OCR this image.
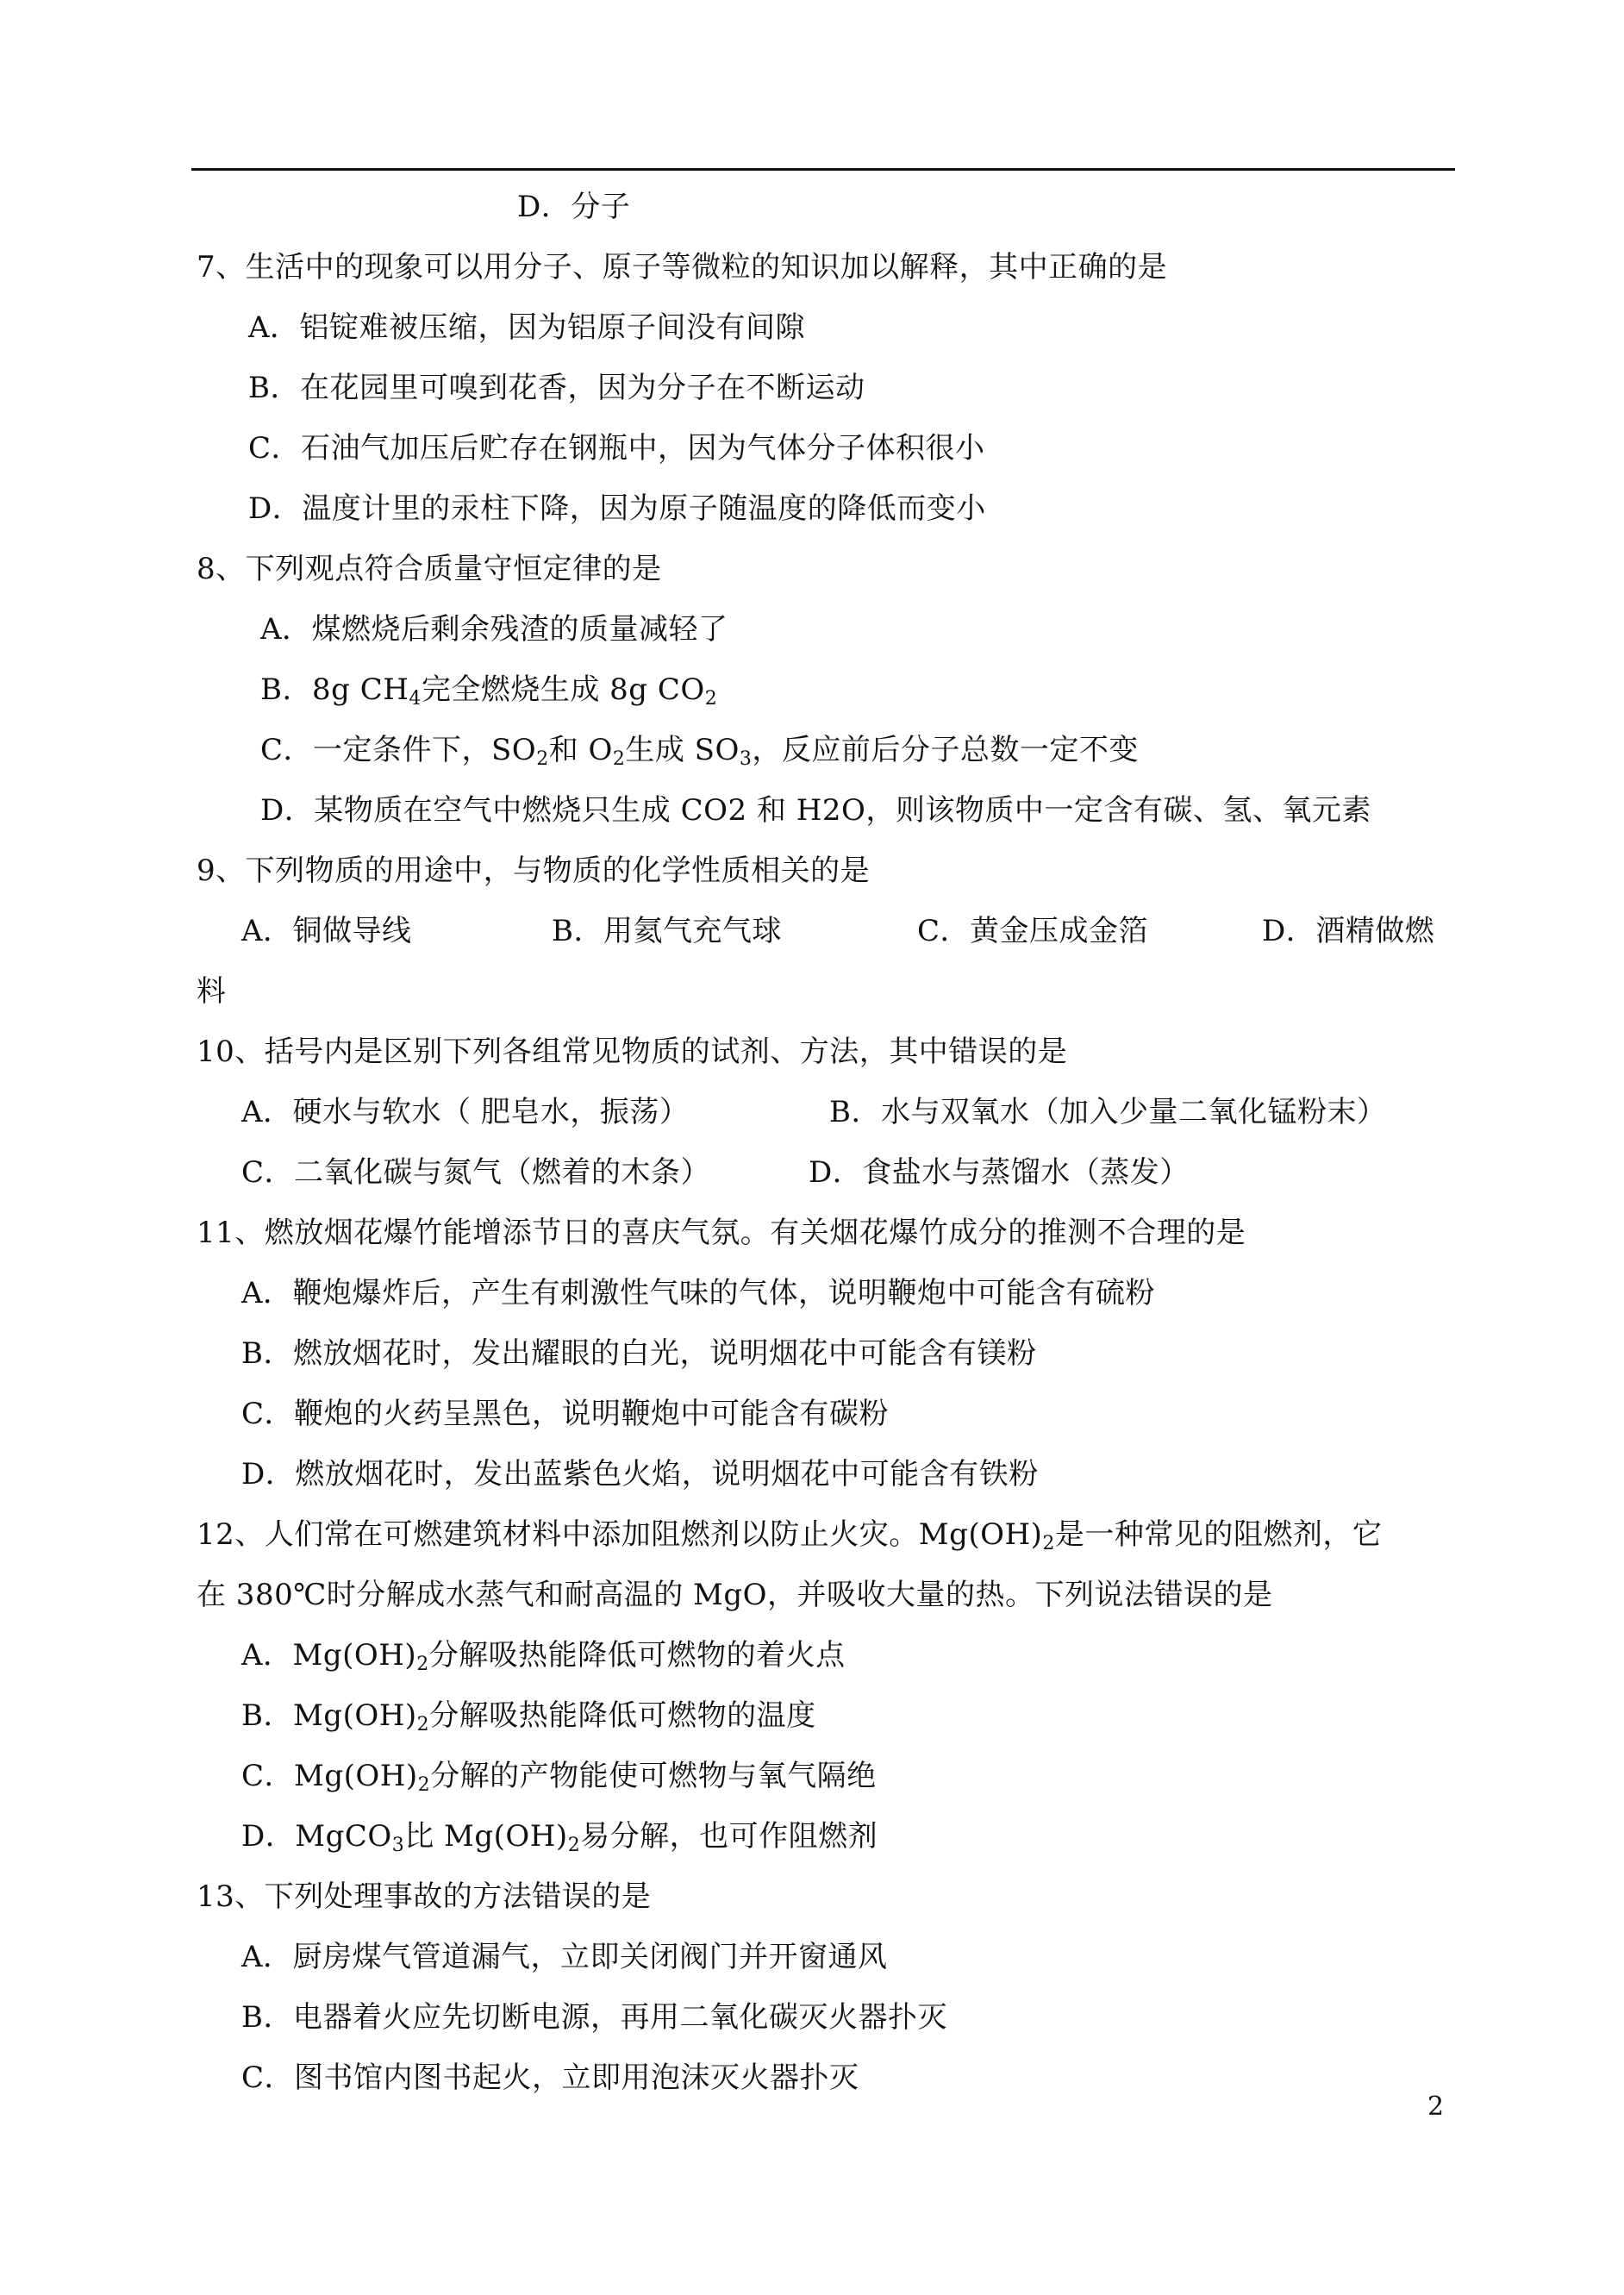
D．分子
7、生活中的现象可以用分子、原子等微粒的知识加以解释，其中正确的是
A．铝锭难被压缩，因为铝原子间没有间隙
B．在花园里可嗅到花香，因为分子在不断运动
C．石油气加压后贮存在钢瓶中，因为气体分子体积很小
D．温度计里的汞柱下降，因为原子随温度的降低而变小
8、下列观点符合质量守恒定律的是
A．煤燃烧后剩余残渣的质量减轻了
B．8g $CH_4$完全燃烧生成 8g $CO_2$
C．一定条件下，$SO_2$和 $O_2$生成 $SO_3$，反应前后分子总数一定不变
D．某物质在空气中燃烧只生成 CO2 和 H2O，则该物质中一定含有碳、氢、氧元素
9、下列物质的用途中，与物质的化学性质相关的是
A．铜做导线	B．用氦气充气球	C．黄金压成金箔	D．酒精做燃
料
10、括号内是区别下列各组常见物质的试剂、方法，其中错误的是
A．硬水与软水（ 肥皂水，振荡）	B．水与双氧水（加入少量二氧化锰粉末）
C．二氧化碳与氮气（燃着的木条）	D．食盐水与蒸馏水（蒸发）
11、燃放烟花爆竹能增添节日的喜庆气氛。有关烟花爆竹成分的推测不合理的是
A．鞭炮爆炸后，产生有刺激性气味的气体，说明鞭炮中可能含有硫粉
B．燃放烟花时，发出耀眼的白光，说明烟花中可能含有镁粉
C．鞭炮的火药呈黑色，说明鞭炮中可能含有碳粉
D．燃放烟花时，发出蓝紫色火焰，说明烟花中可能含有铁粉
12、人们常在可燃建筑材料中添加阻燃剂以防止火灾。$Mg(OH)_2$是一种常见的阻燃剂，它
在 380℃时分解成水蒸气和耐高温的 MgO，并吸收大量的热。下列说法错误的是
A．$Mg(OH)_2$分解吸热能降低可燃物的着火点
B．$Mg(OH)_2$分解吸热能降低可燃物的温度
C．$Mg(OH)_2$分解的产物能使可燃物与氧气隔绝
D．MgCO$_3$比 $Mg(OH)_2$易分解，也可作阻燃剂
13、下列处理事故的方法错误的是
A．厨房煤气管道漏气，立即关闭阀门并开窗通风
B．电器着火应先切断电源，再用二氧化碳灭火器扑灭
C．图书馆内图书起火，立即用泡沫灭火器扑灭
2
